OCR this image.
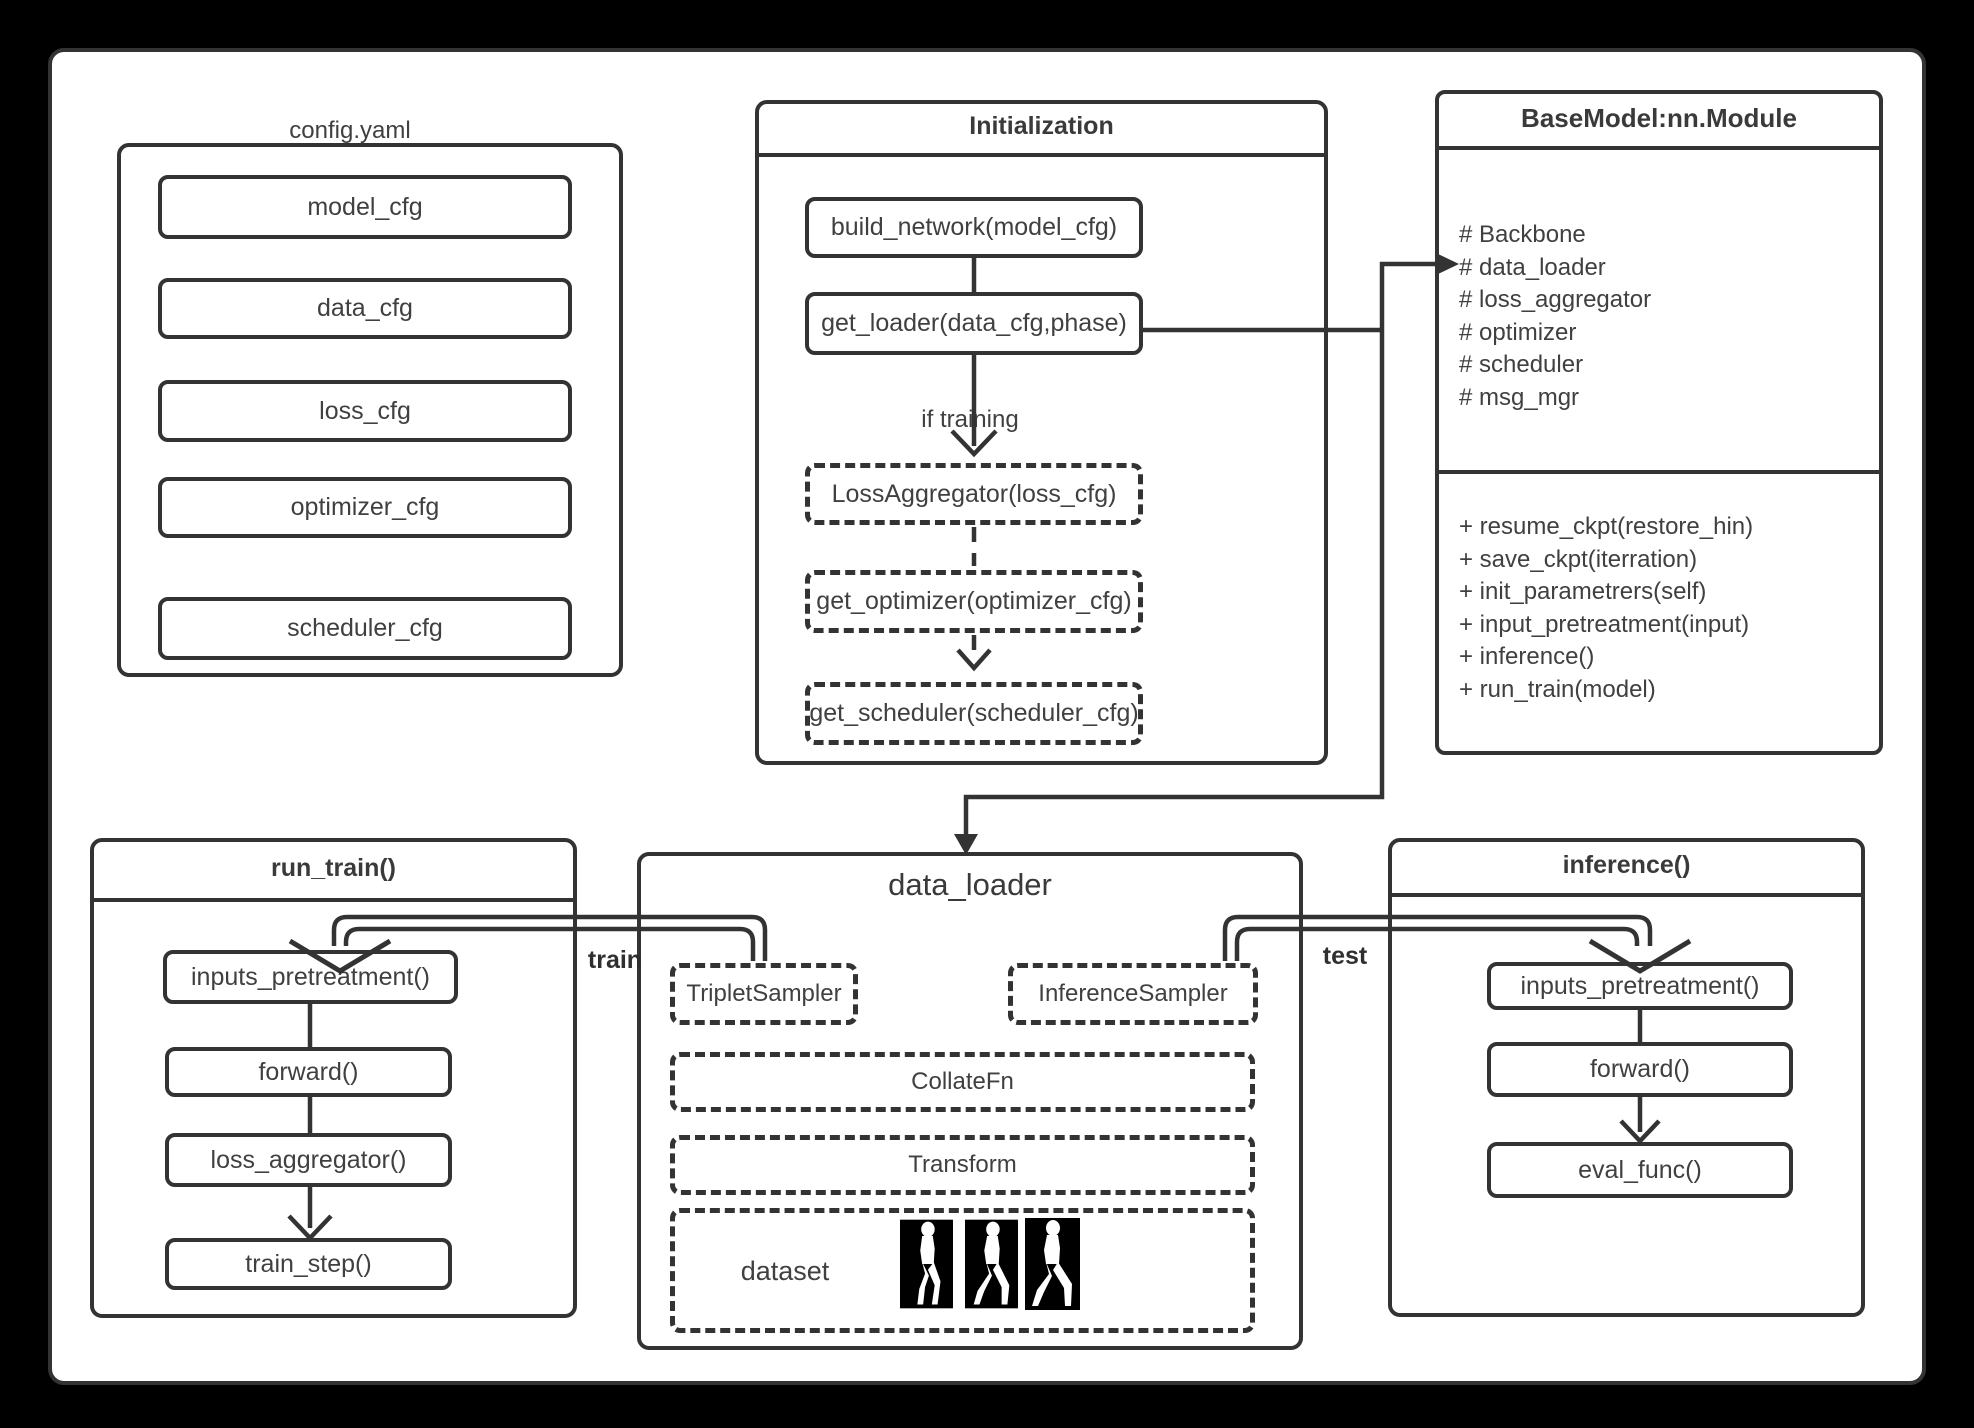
config.yaml
model_cfg
data_cfg
loss_cfg
optimizer_cfg
scheduler_cfg
Initialization
build_network(model_cfg)
get_loader(data_cfg,phase)
if training
LossAggregator(loss_cfg)
get_optimizer(optimizer_cfg)
get_scheduler(scheduler_cfg)
BaseModel:nn.Module
# Backbone
# data_loader
# loss_aggregator
# optimizer
# scheduler
# msg_mgr
+ resume_ckpt(restore_hin)
+ save_ckpt(iterration)
+ init_parametrers(self)
+ input_pretreatment(input)
+ inference()
+ run_train(model)
run_train()
inputs_pretreatment()
forward()
loss_aggregator()
train_step()
data_loader
TripletSampler	InferenceSampler
CollateFn
Transform
dataset
inference()
inputs_pretreatment()
forward()
eval_func()
train	test
